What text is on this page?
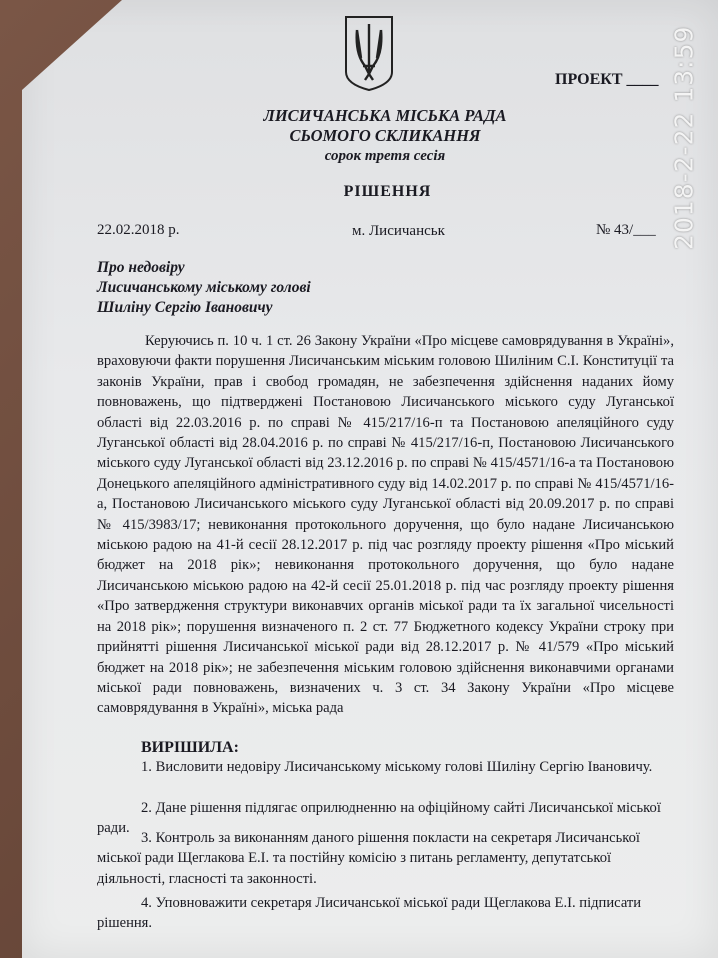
2018-2-22 13:59
ПРОЕКТ ____
ЛИСИЧАНСЬКА МІСЬКА РАДА
СЬОМОГО СКЛИКАННЯ
сорок третя сесія
РІШЕННЯ
22.02.2018 р.	м. Лисичанськ	№ 43/___
Про недовіру
Лисичанському міському голові
Шиліну Сергію Івановичу
Керуючись п. 10 ч. 1 ст. 26 Закону України «Про місцеве самоврядування в Україні», враховуючи факти порушення Лисичанським міським головою Шиліним С.І. Конституції та законів України, прав і свобод громадян, не забезпечення здійснення наданих йому повноважень, що підтверджені Постановою Лисичанського міського суду Луганської області від 22.03.2016 р. по справі № 415/217/16-п та Постановою апеляційного суду Луганської області від 28.04.2016 р. по справі № 415/217/16-п, Постановою Лисичанського міського суду Луганської області від 23.12.2016 р. по справі № 415/4571/16-а та Постановою Донецького апеляційного адміністративного суду від 14.02.2017 р. по справі № 415/4571/16-а, Постановою Лисичанського міського суду Луганської області від 20.09.2017 р. по справі № 415/3983/17; невиконання протокольного доручення, що було надане Лисичанською міською радою на 41-й сесії 28.12.2017 р. під час розгляду проекту рішення «Про міський бюджет на 2018 рік»; невиконання протокольного доручення, що було надане Лисичанською міською радою на 42-й сесії 25.01.2018 р. під час розгляду проекту рішення «Про затвердження структури виконавчих органів міської ради та їх загальної чисельності на 2018 рік»; порушення визначеного п. 2 ст. 77 Бюджетного кодексу України строку при прийнятті рішення Лисичанської міської ради від 28.12.2017 р. № 41/579 «Про міський бюджет на 2018 рік»; не забезпечення міським головою здійснення виконавчими органами міської ради повноважень, визначених ч. 3 ст. 34 Закону України «Про місцеве самоврядування в Україні», міська рада
ВИРІШИЛА:
1. Висловити недовіру Лисичанському міському голові Шиліну Сергію Івановичу.
2. Дане рішення підлягає оприлюдненню на офіційному сайті Лисичанської міської ради.
3. Контроль за виконанням даного рішення покласти на секретаря Лисичанської міської ради Щеглакова Е.І. та постійну комісію з питань регламенту, депутатської діяльності, гласності та законності.
4. Уповноважити секретаря Лисичанської міської ради Щеглакова Е.І. підписати рішення.
